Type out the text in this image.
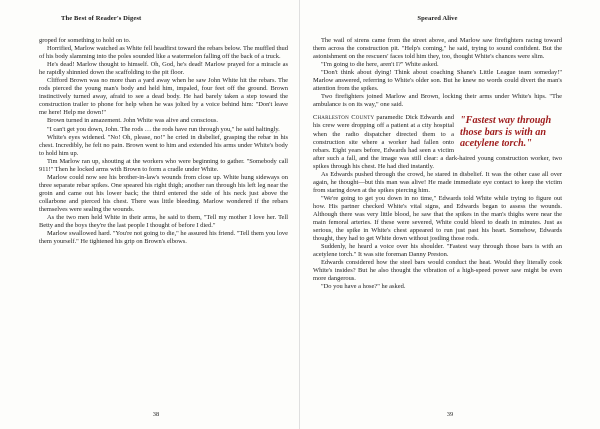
The Best of Reader's Digest

groped for something to hold on to.

Horrified, Marlow watched as White fell headfirst toward the rebars below. The muffled thud of his body slamming into the poles sounded like a watermelon falling off the back of a truck.

He's dead! Marlow thought to himself. Oh, God, he's dead! Marlow prayed for a miracle as he rapidly shinnied down the scaffolding to the pit floor.

Clifford Brown was no more than a yard away when he saw John White hit the rebars. The rods pierced the young man's body and held him, impaled, four feet off the ground. Brown instinctively turned away, afraid to see a dead body. He had barely taken a step toward the construction trailer to phone for help when he was jolted by a voice behind him: "Don't leave me here! Help me down!"

Brown turned in amazement. John White was alive and conscious.

"I can't get you down, John. The rods … the rods have run through you," he said haltingly.

White's eyes widened. "No! Oh, please, no!" he cried in disbelief, grasping the rebar in his chest. Incredibly, he felt no pain. Brown went to him and extended his arms under White's body to hold him up.

Tim Marlow ran up, shouting at the workers who were beginning to gather. "Somebody call 911!" Then he locked arms with Brown to form a cradle under White.

Marlow could now see his brother-in-law's wounds from close up. White hung sideways on three separate rebar spikes. One speared his right thigh; another ran through his left leg near the groin and came out his lower back; the third entered the side of his neck just above the collarbone and pierced his chest. There was little bleeding. Marlow wondered if the rebars themselves were sealing the wounds.

As the two men held White in their arms, he said to them, "Tell my mother I love her. Tell Betty and the boys they're the last people I thought of before I died."

Marlow swallowed hard. "You're not going to die," he assured his friend. "Tell them you love them yourself." He tightened his grip on Brown's elbows.

38
Speared Alive

The wail of sirens came from the street above, and Marlow saw firefighters racing toward them across the construction pit. "Help's coming," he said, trying to sound confident. But the astonishment on the rescuers' faces told him they, too, thought White's chances were slim.

"I'm going to die here, aren't I?" White asked.

"Don't think about dying! Think about coaching Shane's Little League team someday!" Marlow answered, referring to White's older son. But he knew no words could divert the man's attention from the spikes.

Two firefighters joined Marlow and Brown, locking their arms under White's hips. "The ambulance is on its way," one said.

"Fastest way through those bars is with an acetylene torch."
Charleston County paramedic Dick Edwards and his crew were dropping off a patient at a city hospital when the radio dispatcher directed them to a construction site where a worker had fallen onto rebars. Eight years before, Edwards had seen a victim after such a fall, and the image was still clear: a dark-haired young construction worker, two spikes through his chest. He had died instantly.

As Edwards pushed through the crowd, he stared in disbelief. It was the other case all over again, he thought—but this man was alive! He made immediate eye contact to keep the victim from staring down at the spikes piercing him.

"We're going to get you down in no time," Edwards told White while trying to figure out how. His partner checked White's vital signs, and Edwards began to assess the wounds. Although there was very little blood, he saw that the spikes in the man's thighs were near the main femoral arteries. If these were severed, White could bleed to death in minutes. Just as serious, the spike in White's chest appeared to run just past his heart. Somehow, Edwards thought, they had to get White down without jostling those rods.

Suddenly, he heard a voice over his shoulder. "Fastest way through those bars is with an acetylene torch." It was site foreman Danny Preston.

Edwards considered how the steel bars would conduct the heat. Would they literally cook White's insides? But he also thought the vibration of a high-speed power saw might be even more dangerous.

"Do you have a hose?" he asked.

39
